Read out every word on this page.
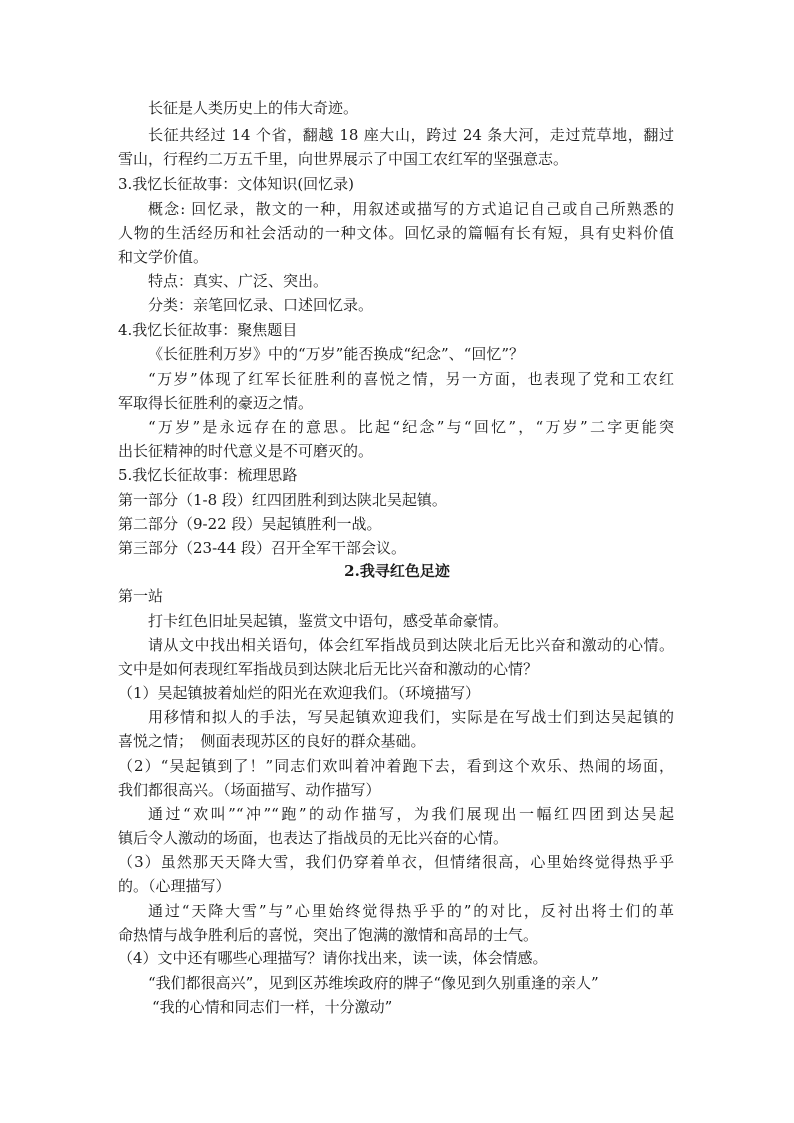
长征是人类历史上的伟大奇迹。
长征共经过 14 个省，翻越 18 座大山，跨过 24 条大河，走过荒草地，翻过
雪山，行程约二万五千里，向世界展示了中国工农红军的坚强意志。
3.我忆长征故事：文体知识(回忆录)
概念: 回忆录，散文的一种，用叙述或描写的方式追记自己或自己所熟悉的
人物的生活经历和社会活动的一种文体。回忆录的篇幅有长有短，具有史料价值
和文学价值。
特点：真实、广泛、突出。
分类：亲笔回忆录、口述回忆录。
4.我忆长征故事：聚焦题目
《长征胜利万岁》中的“万岁”能否换成“纪念”、“回忆”？
“万岁”体现了红军长征胜利的喜悦之情，另一方面，也表现了党和工农红
军取得长征胜利的豪迈之情。
“万岁”是永远存在的意思。比起“纪念”与“回忆”，“万岁”二字更能突
出长征精神的时代意义是不可磨灭的。
5.我忆长征故事：梳理思路
第一部分（1-8 段）红四团胜利到达陕北吴起镇。
第二部分（9-22 段）吴起镇胜利一战。
第三部分（23-44 段）召开全军干部会议。
2.我寻红色足迹
第一站
打卡红色旧址吴起镇，鉴赏文中语句，感受革命豪情。
请从文中找出相关语句，体会红军指战员到达陕北后无比兴奋和激动的心情。
文中是如何表现红军指战员到达陕北后无比兴奋和激动的心情？
（1）吴起镇披着灿烂的阳光在欢迎我们。（环境描写）
用移情和拟人的手法，写吴起镇欢迎我们，实际是在写战士们到达吴起镇的
喜悦之情；　侧面表现苏区的良好的群众基础。
（2）“吴起镇到了！”同志们欢叫着冲着跑下去，看到这个欢乐、热闹的场面，
我们都很高兴。（场面描写、动作描写）
通过“欢叫”“冲”“跑”的动作描写，为我们展现出一幅红四团到达吴起
镇后令人激动的场面，也表达了指战员的无比兴奋的心情。
（3）虽然那天天降大雪，我们仍穿着单衣，但情绪很高，心里始终觉得热乎乎
的。（心理描写）
通过“天降大雪”与”心里始终觉得热乎乎的”的对比，反衬出将士们的革
命热情与战争胜利后的喜悦，突出了饱满的激情和高昂的士气。
（4）文中还有哪些心理描写？请你找出来，读一读，体会情感。
“我们都很高兴”，见到区苏维埃政府的牌子“像见到久别重逢的亲人”
“我的心情和同志们一样，十分激动”
